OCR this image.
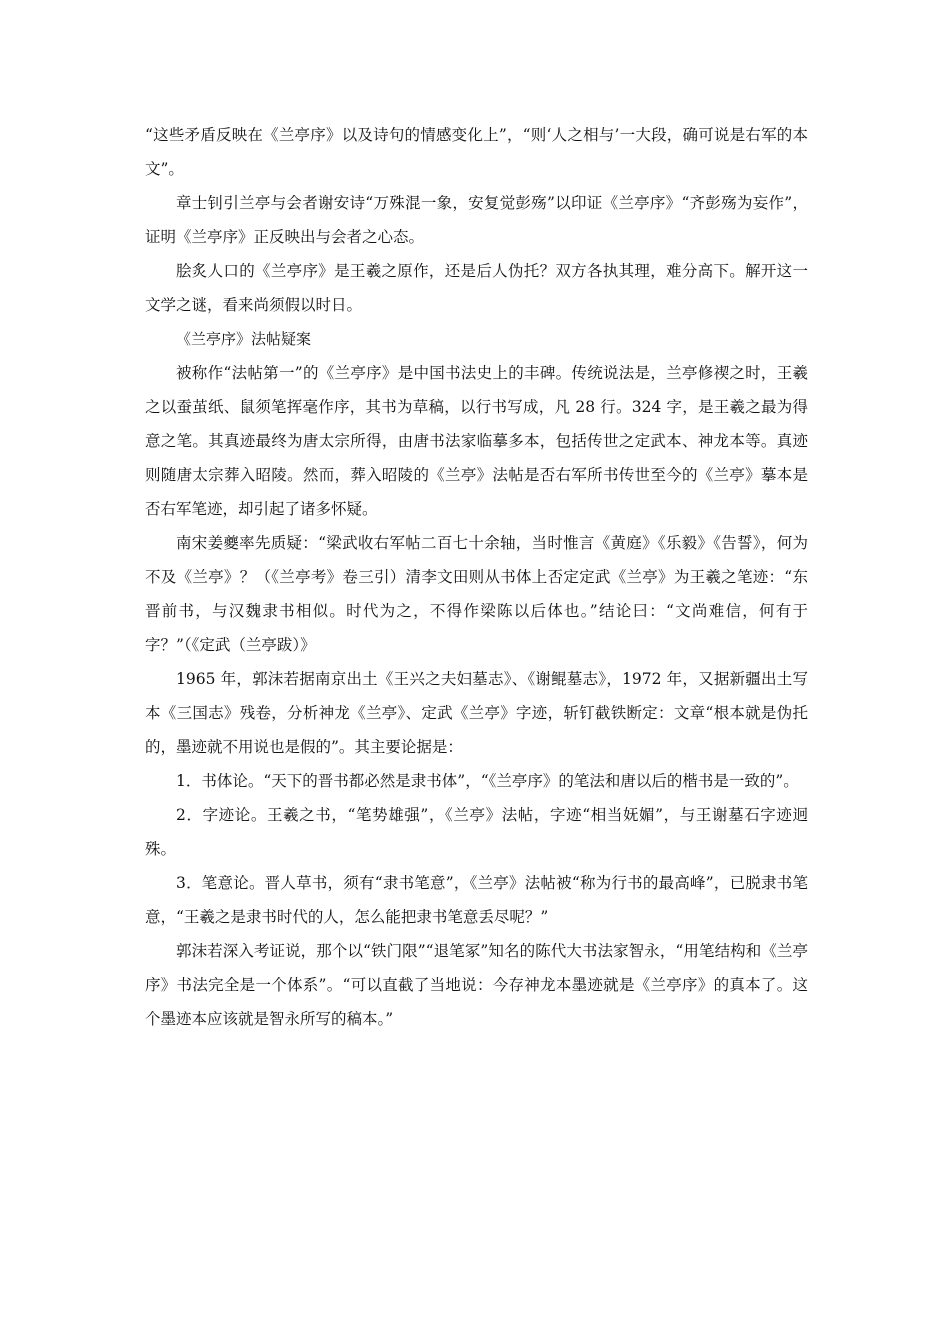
“这些矛盾反映在《兰亭序》以及诗句的情感变化上”，“则‘人之相与’一大段，确可说是右军的本文”。

章士钊引兰亭与会者谢安诗“万殊混一象，安复觉彭殇”以印证《兰亭序》“齐彭殇为妄作”，证明《兰亭序》正反映出与会者之心态。

脍炙人口的《兰亭序》是王羲之原作，还是后人伪托？双方各执其理，难分高下。解开这一文学之谜，看来尚须假以时日。

《兰亭序》法帖疑案

被称作“法帖第一”的《兰亭序》是中国书法史上的丰碑。传统说法是，兰亭修禊之时，王羲之以蚕茧纸、鼠须笔挥毫作序，其书为草稿，以行书写成，凡 28 行。324 字，是王羲之最为得意之笔。其真迹最终为唐太宗所得，由唐书法家临摹多本，包括传世之定武本、神龙本等。真迹则随唐太宗葬入昭陵。然而，葬入昭陵的《兰亭》法帖是否右军所书传世至今的《兰亭》摹本是否右军笔迹，却引起了诸多怀疑。

南宋姜夔率先质疑：“梁武收右军帖二百七十余轴，当时惟言《黄庭》《乐毅》《告誓》，何为不及《兰亭》？（《兰亭考》卷三引）清李文田则从书体上否定定武《兰亭》为王羲之笔迹：“东晋前书，与汉魏隶书相似。时代为之，不得作梁陈以后体也。”结论曰：“文尚难信，何有于字？”（《定武（兰亭跋）》

1965 年，郭沫若据南京出土《王兴之夫妇墓志》、《谢鲲墓志》，1972 年，又据新疆出土写本《三国志》残卷，分析神龙《兰亭》、定武《兰亭》字迹，斩钉截铁断定：文章“根本就是伪托的，墨迹就不用说也是假的”。其主要论据是：

1．书体论。“天下的晋书都必然是隶书体”，“《兰亭序》的笔法和唐以后的楷书是一致的”。

2．字迹论。王羲之书，“笔势雄强”，《兰亭》法帖，字迹“相当妩媚”，与王谢墓石字迹迥殊。

3．笔意论。晋人草书，须有“隶书笔意”，《兰亭》法帖被“称为行书的最高峰”，已脱隶书笔意，“王羲之是隶书时代的人，怎么能把隶书笔意丢尽呢？”

郭沫若深入考证说，那个以“铁门限”“退笔冢”知名的陈代大书法家智永，“用笔结构和《兰亭序》书法完全是一个体系”。“可以直截了当地说：今存神龙本墨迹就是《兰亭序》的真本了。这个墨迹本应该就是智永所写的稿本。”
